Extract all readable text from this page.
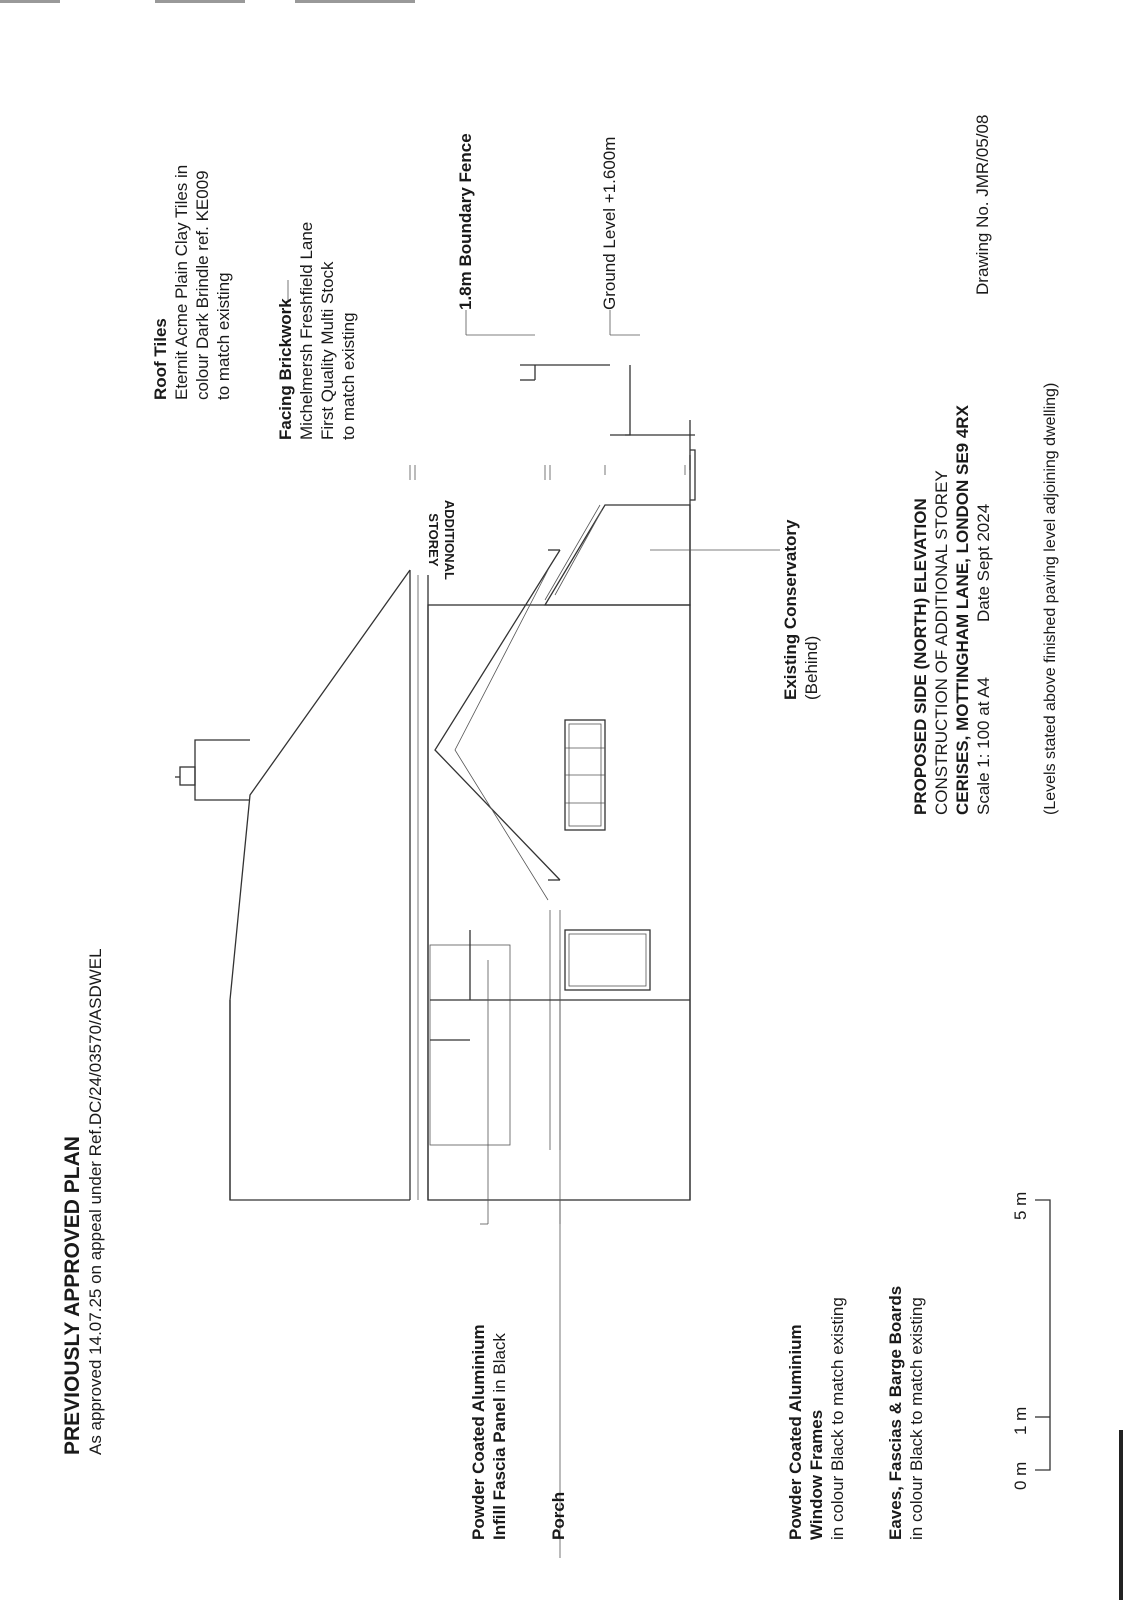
PREVIOUSLY APPROVED PLAN As approved 14.07.25 on appeal under Ref.DC/24/03570/ASDWEL
Roof Tiles Eternit Acme Plain Clay Tiles in colour Dark Brindle ref. KE009 to match existing	Facing Brickwork Michelmersh Freshfield Lane First Quality Multi Stock to match existing
1.8m Boundary Fence	Ground Level +1.600m
ADDITIONAL
STOREY	Existing Conservatory (Behind)
Powder Coated Aluminium Infill Fascia Panel in Black
Porch	Powder Coated Aluminium Window Frames in colour Black to match existing Eaves, Fascias & Barge Boards in colour Black to match existing	0 m
1 m
5 m
PROPOSED SIDE (NORTH) ELEVATION CONSTRUCTION OF ADDITIONAL STOREY CERISES, MOTTINGHAM LANE, LONDON SE9 4RX Scale 1: 100 at A4Date Sept 2024
Drawing No. JMR/05/08
(Levels stated above finished paving level adjoining dwelling)
